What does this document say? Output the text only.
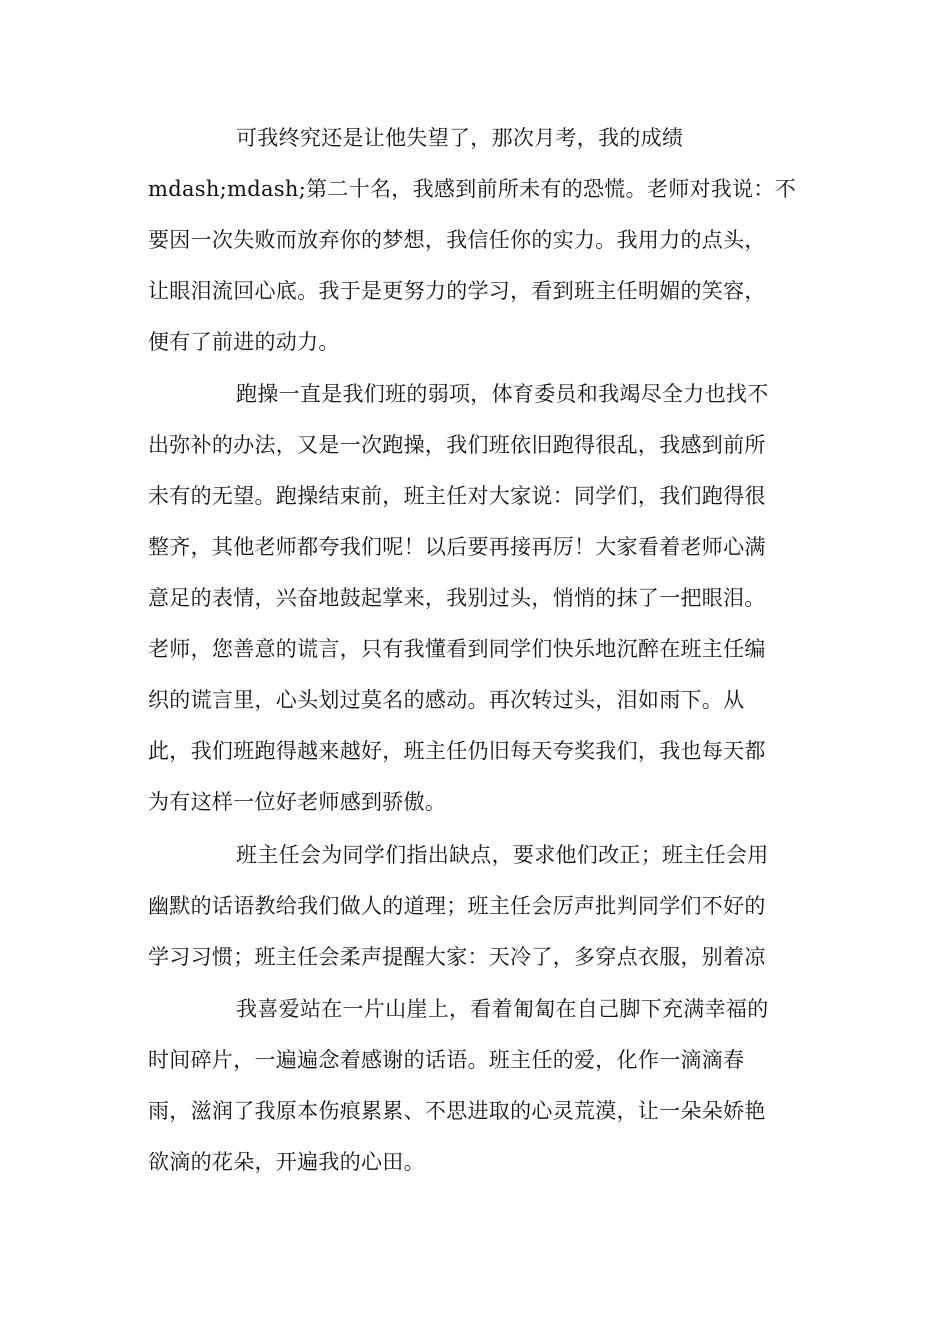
可我终究还是让他失望了，那次月考，我的成绩
mdash;mdash;第二十名，我感到前所未有的恐慌。老师对我说：不
要因一次失败而放弃你的梦想，我信任你的实力。我用力的点头，
让眼泪流回心底。我于是更努力的学习，看到班主任明媚的笑容，
便有了前进的动力。
跑操一直是我们班的弱项，体育委员和我竭尽全力也找不
出弥补的办法，又是一次跑操，我们班依旧跑得很乱，我感到前所
未有的无望。跑操结束前，班主任对大家说：同学们，我们跑得很
整齐，其他老师都夸我们呢！以后要再接再厉！大家看着老师心满
意足的表情，兴奋地鼓起掌来，我别过头，悄悄的抹了一把眼泪。
老师，您善意的谎言，只有我懂看到同学们快乐地沉醉在班主任编
织的谎言里，心头划过莫名的感动。再次转过头，泪如雨下。从
此，我们班跑得越来越好，班主任仍旧每天夸奖我们，我也每天都
为有这样一位好老师感到骄傲。
班主任会为同学们指出缺点，要求他们改正；班主任会用
幽默的话语教给我们做人的道理；班主任会厉声批判同学们不好的
学习习惯；班主任会柔声提醒大家：天冷了，多穿点衣服，别着凉
我喜爱站在一片山崖上，看着匍匐在自己脚下充满幸福的
时间碎片，一遍遍念着感谢的话语。班主任的爱，化作一滴滴春
雨，滋润了我原本伤痕累累、不思进取的心灵荒漠，让一朵朵娇艳
欲滴的花朵，开遍我的心田。
